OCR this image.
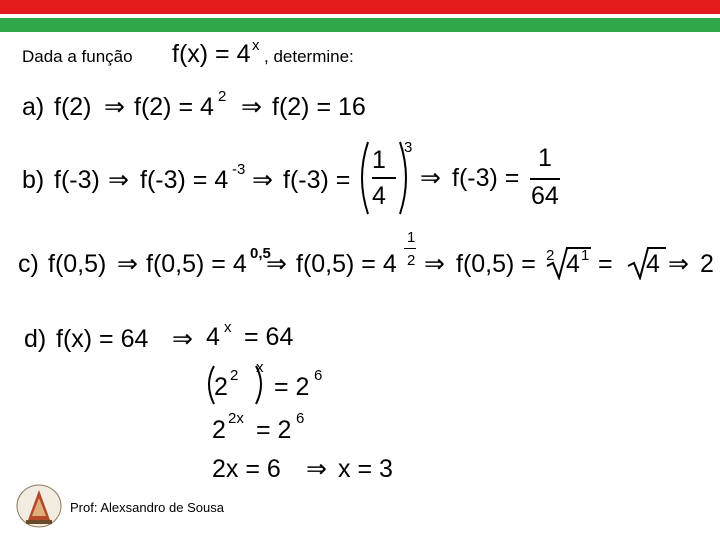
Dada a função f(x) = 4 x
, determine:
a) f(2) ⇒ f(2) = 4 2 ⇒ f(2) = 16
b) f(-3) ⇒ f(-3) = 4 -3 ⇒ f(-3) =
1
4
3
⇒ f(-3) =
1
64
c) f(0,5) ⇒ f(0,5) = 4 0,5
⇒ f(0,5) = 4
1
2 ⇒ f(0,5) = 2 4 1 = 4 ⇒ 2
d) f(x) = 64 ⇒ 4 x = 64
2 2 x
= 2 6
2 2x = 2 6
2x = 6 ⇒ x = 3
Prof: Alexsandro de Sousa
